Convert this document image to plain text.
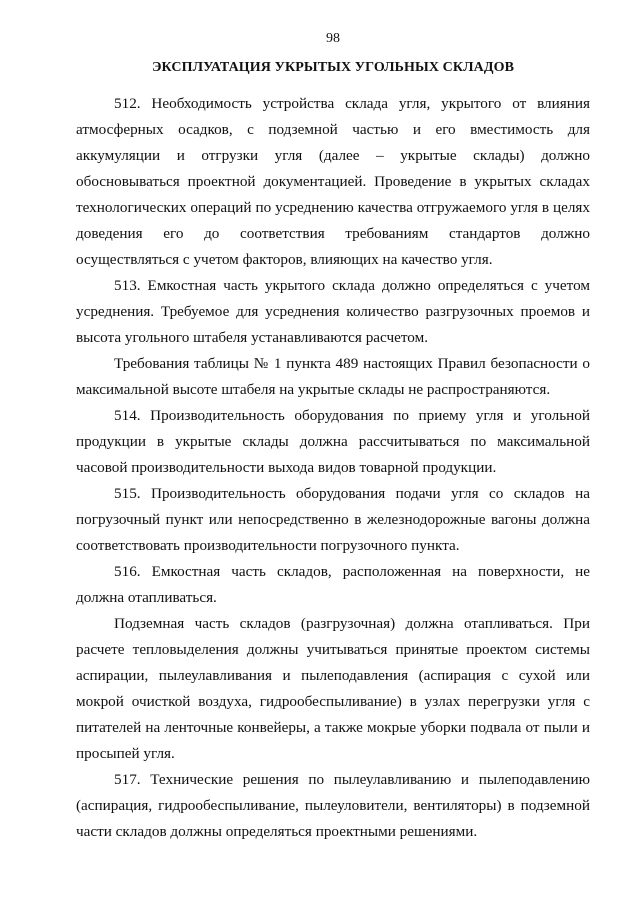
98
ЭКСПЛУАТАЦИЯ УКРЫТЫХ УГОЛЬНЫХ СКЛАДОВ

512. Необходимость устройства склада угля, укрытого от влияния атмосферных осадков, с подземной частью и его вместимость для аккумуляции и отгрузки угля (далее – укрытые склады) должно обосновываться проектной документацией. Проведение в укрытых складах технологических операций по усреднению качества отгружаемого угля в целях доведения его до соответствия требованиям стандартов должно осуществляться с учетом факторов, влияющих на качество угля.

513. Емкостная часть укрытого склада должно определяться с учетом усреднения. Требуемое для усреднения количество разгрузочных проемов и высота угольного штабеля устанавливаются расчетом.

Требования таблицы № 1 пункта 489 настоящих Правил безопасности о максимальной высоте штабеля на укрытые склады не распространяются.

514. Производительность оборудования по приему угля и угольной продукции в укрытые склады должна рассчитываться по максимальной часовой производительности выхода видов товарной продукции.

515. Производительность оборудования подачи угля со складов на погрузочный пункт или непосредственно в железнодорожные вагоны должна соответствовать производительности погрузочного пункта.

516. Емкостная часть складов, расположенная на поверхности, не должна отапливаться.

Подземная часть складов (разгрузочная) должна отапливаться. При расчете тепловыделения должны учитываться принятые проектом системы аспирации, пылеулавливания и пылеподавления (аспирация с сухой или мокрой очисткой воздуха, гидрообеспыливание) в узлах перегрузки угля с питателей на ленточные конвейеры, а также мокрые уборки подвала от пыли и просыпей угля.

517. Технические решения по пылеулавливанию и пылеподавлению (аспирация, гидрообеспыливание, пылеуловители, вентиляторы) в подземной части складов должны определяться проектными решениями.
